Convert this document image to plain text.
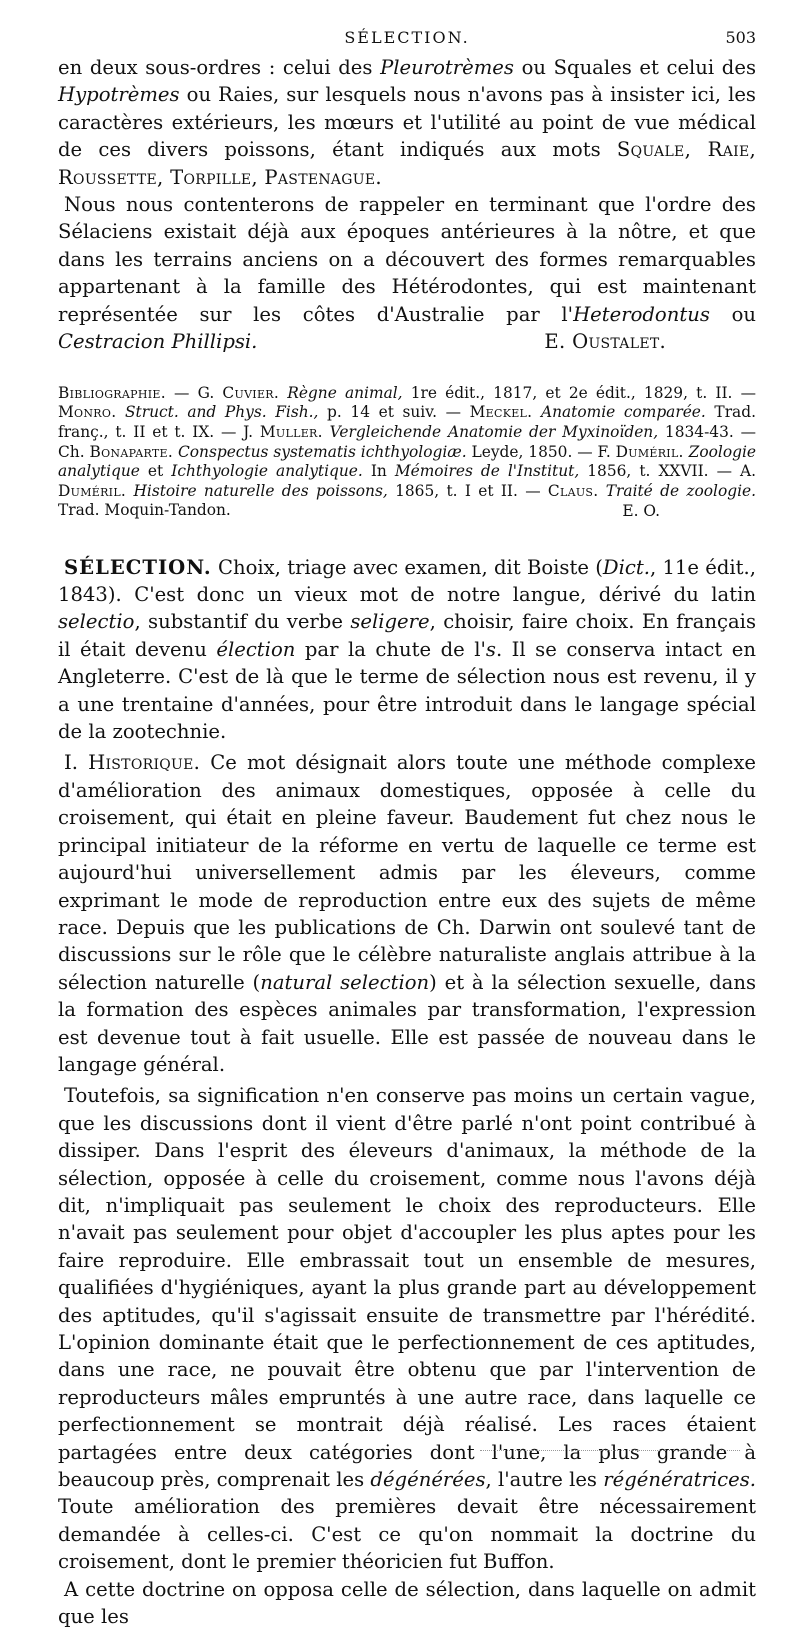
SÉLECTION.	503

en deux sous-ordres : celui des Pleurotrèmes ou Squales et celui des Hypotrèmes ou Raies, sur lesquels nous n'avons pas à insister ici, les caractères extérieurs, les mœurs et l'utilité au point de vue médical de ces divers poissons, étant indiqués aux mots Squale, Raie, Roussette, Torpille, Pastenague.

Nous nous contenterons de rappeler en terminant que l'ordre des Sélaciens existait déjà aux époques antérieures à la nôtre, et que dans les terrains anciens on a découvert des formes remarquables appartenant à la famille des Hétérodontes, qui est maintenant représentée sur les côtes d'Australie par l'Heterodontus ou Cestracion Phillipsi.	E. Oustalet.

Bibliographie. — G. Cuvier. Règne animal, 1re édit., 1817, et 2e édit., 1829, t. II. — Monro. Struct. and Phys. Fish., p. 14 et suiv. — Meckel. Anatomie comparée. Trad. franç., t. II et t. IX. — J. Muller. Vergleichende Anatomie der Myxinoïden, 1834-43. — Ch. Bonaparte. Conspectus systematis ichthyologiæ. Leyde, 1850. — F. Duméril. Zoologie analytique et Ichthyologie analytique. In Mémoires de l'Institut, 1856, t. XXVII. — A. Duméril. Histoire naturelle des poissons, 1865, t. I et II. — Claus. Traité de zoologie. Trad. Moquin-Tandon.	E. O.

SÉLECTION. Choix, triage avec examen, dit Boiste (Dict., 11e édit., 1843). C'est donc un vieux mot de notre langue, dérivé du latin selectio, substantif du verbe seligere, choisir, faire choix. En français il était devenu élection par la chute de l's. Il se conserva intact en Angleterre. C'est de là que le terme de sélection nous est revenu, il y a une trentaine d'années, pour être introduit dans le langage spécial de la zootechnie.

I. Historique. Ce mot désignait alors toute une méthode complexe d'amélioration des animaux domestiques, opposée à celle du croisement, qui était en pleine faveur. Baudement fut chez nous le principal initiateur de la réforme en vertu de laquelle ce terme est aujourd'hui universellement admis par les éleveurs, comme exprimant le mode de reproduction entre eux des sujets de même race. Depuis que les publications de Ch. Darwin ont soulevé tant de discussions sur le rôle que le célèbre naturaliste anglais attribue à la sélection naturelle (natural selection) et à la sélection sexuelle, dans la formation des espèces animales par transformation, l'expression est devenue tout à fait usuelle. Elle est passée de nouveau dans le langage général.

Toutefois, sa signification n'en conserve pas moins un certain vague, que les discussions dont il vient d'être parlé n'ont point contribué à dissiper. Dans l'esprit des éleveurs d'animaux, la méthode de la sélection, opposée à celle du croisement, comme nous l'avons déjà dit, n'impliquait pas seulement le choix des reproducteurs. Elle n'avait pas seulement pour objet d'accoupler les plus aptes pour les faire reproduire. Elle embrassait tout un ensemble de mesures, qualifiées d'hygiéniques, ayant la plus grande part au développement des aptitudes, qu'il s'agissait ensuite de transmettre par l'hérédité. L'opinion dominante était que le perfectionnement de ces aptitudes, dans une race, ne pouvait être obtenu que par l'intervention de reproducteurs mâles empruntés à une autre race, dans laquelle ce perfectionnement se montrait déjà réalisé. Les races étaient partagées entre deux catégories dont l'une, la plus grande à beaucoup près, comprenait les dégénérées, l'autre les régénératrices. Toute amélioration des premières devait être nécessairement demandée à celles-ci. C'est ce qu'on nommait la doctrine du croisement, dont le premier théoricien fut Buffon.

A cette doctrine on opposa celle de sélection, dans laquelle on admit que les
